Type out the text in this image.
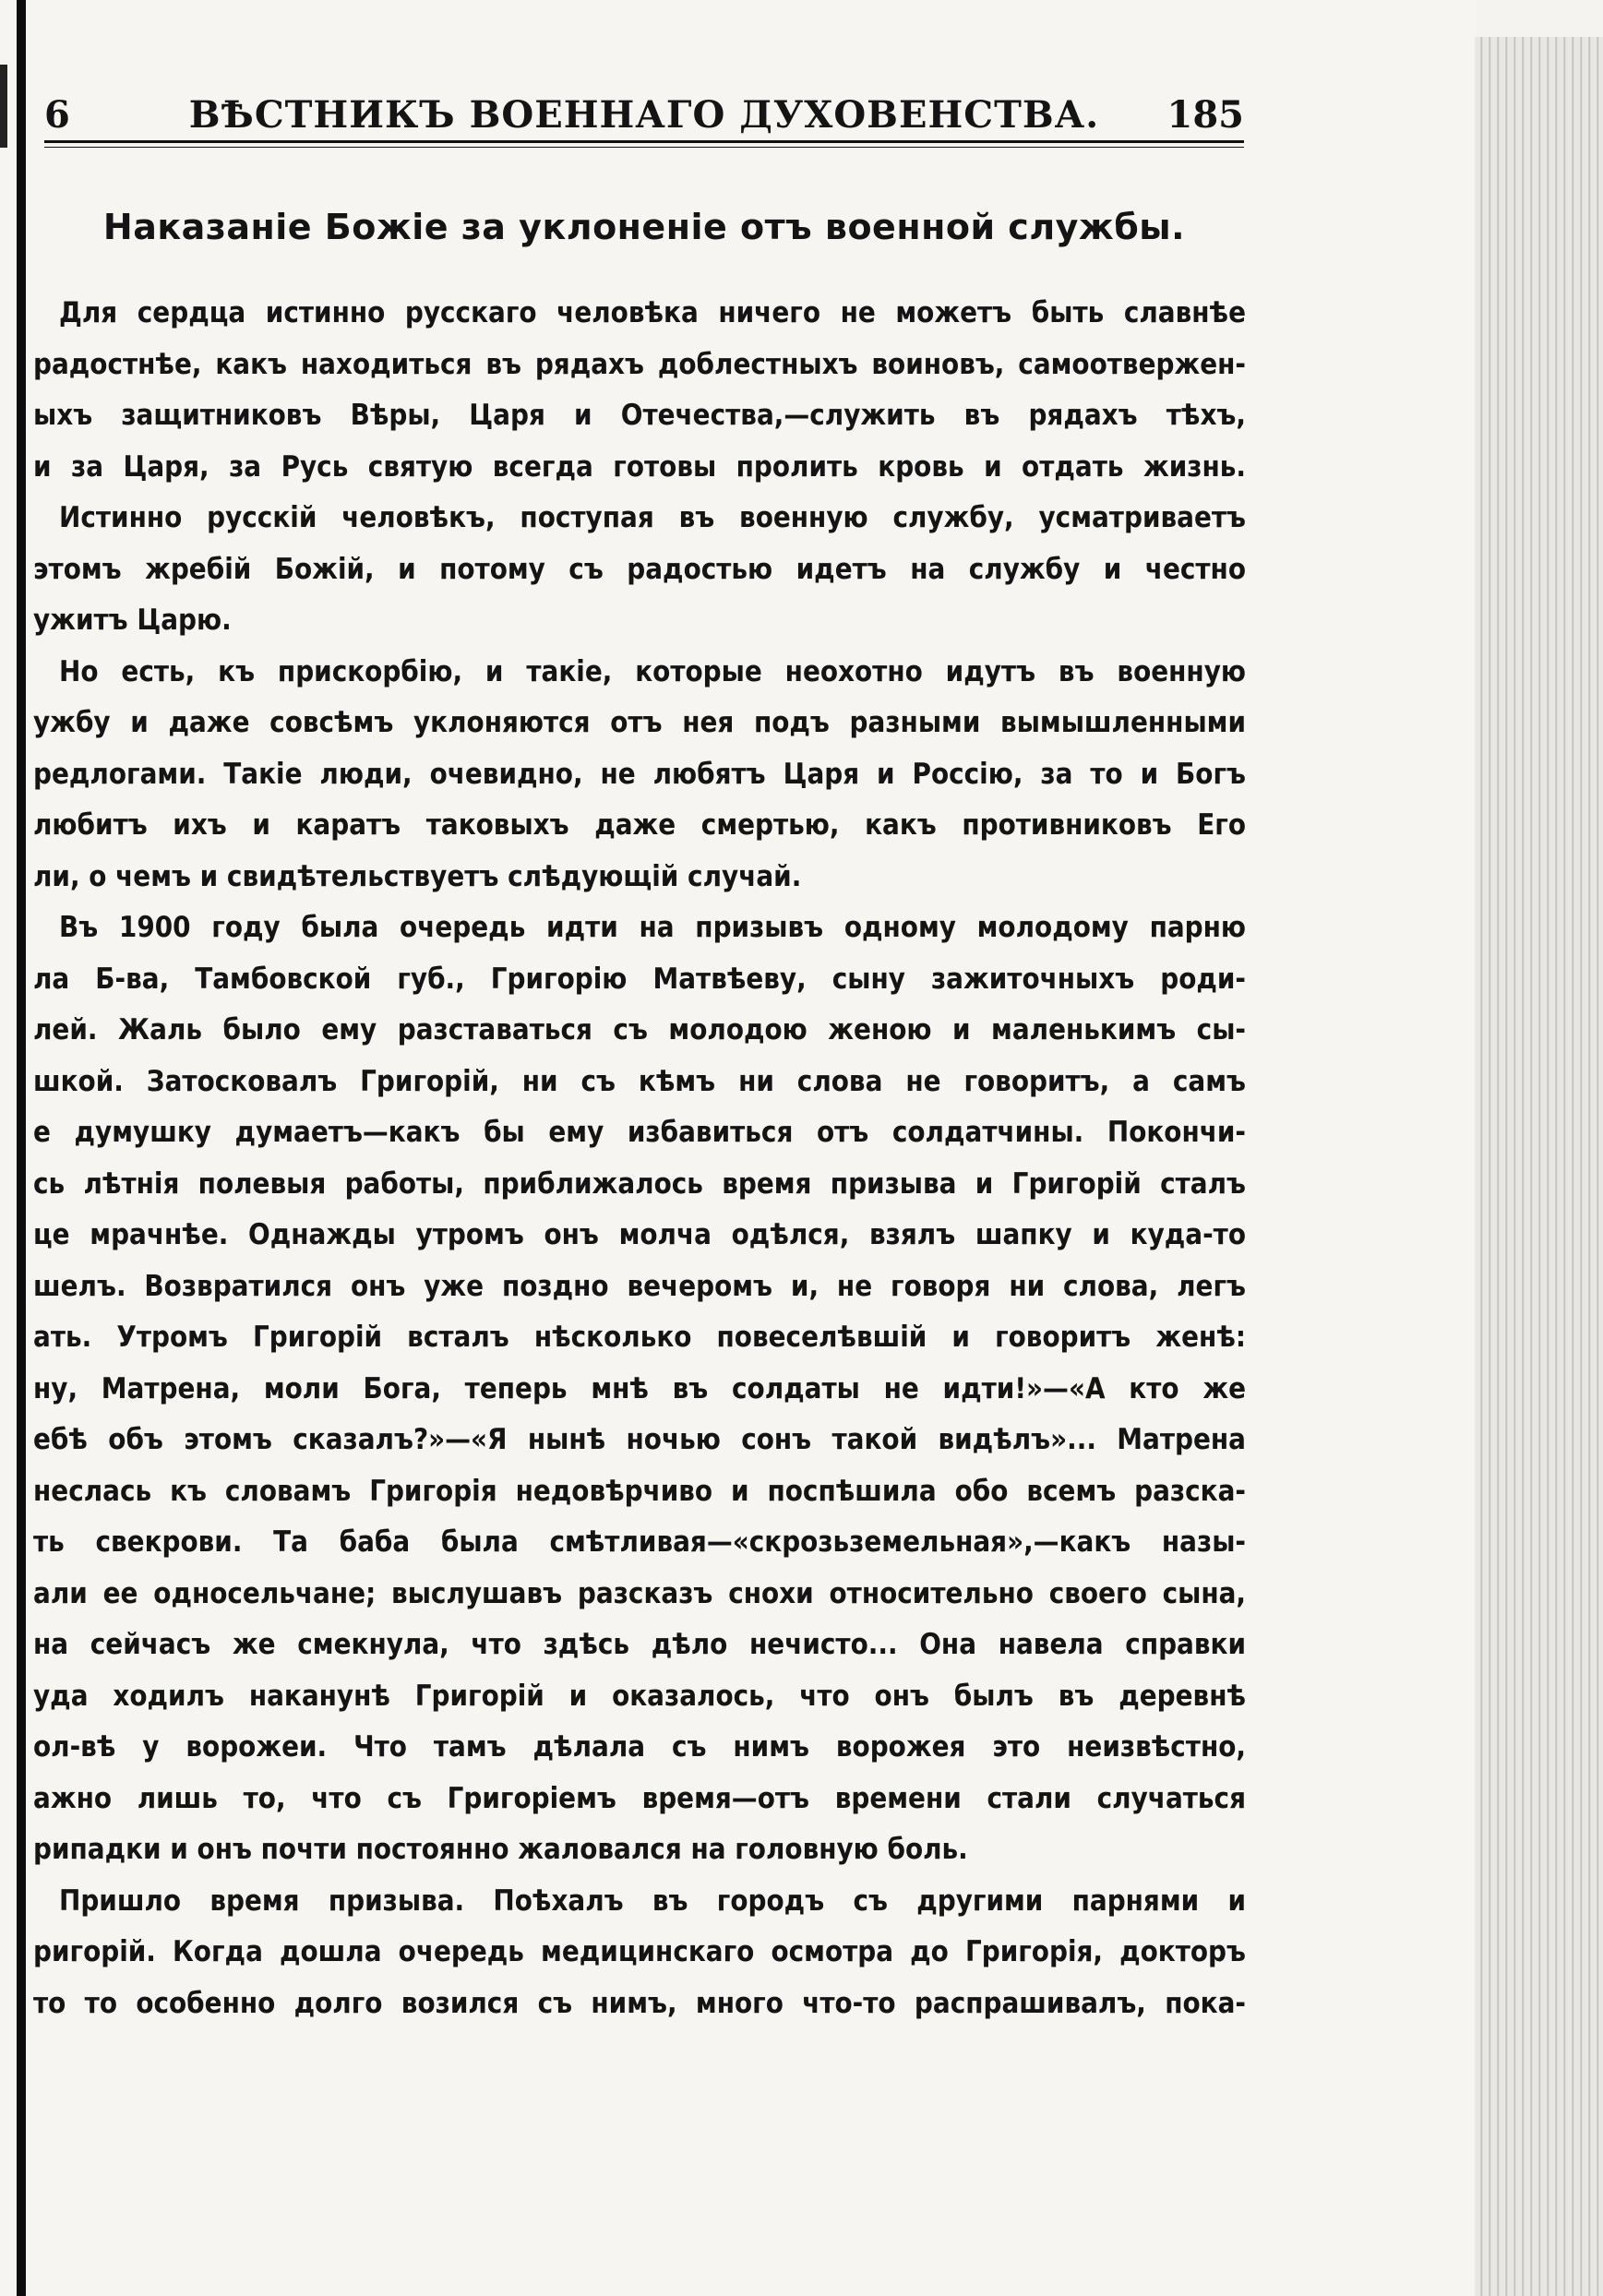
6	ВѢСТНИКЪ ВОЕННАГО ДУХОВЕНСТВА.	185
Наказаніе Божіе за уклоненіе отъ военной службы.
Для сердца истинно русскаго человѣка ничего не можетъ быть славнѣе
радостнѣе, какъ находиться въ рядахъ доблестныхъ воиновъ, самоотвержен-
ыхъ защитниковъ Вѣры, Царя и Отечества,—служить въ рядахъ тѣхъ,
и за Царя, за Русь святую всегда готовы пролить кровь и отдать жизнь.
Истинно русскій человѣкъ, поступая въ военную службу, усматриваетъ
этомъ жребій Божій, и потому съ радостью идетъ на службу и честно
ужитъ Царю.
Но есть, къ прискорбію, и такіе, которые неохотно идутъ въ военную
ужбу и даже совсѣмъ уклоняются отъ нея подъ разными вымышленными
редлогами. Такіе люди, очевидно, не любятъ Царя и Россію, за то и Богъ
любитъ ихъ и каратъ таковыхъ даже смертью, какъ противниковъ Его
ли, о чемъ и свидѣтельствуетъ слѣдующій случай.
Въ 1900 году была очередь идти на призывъ одному молодому парню
ла Б-ва, Тамбовской губ., Григорію Матвѣеву, сыну зажиточныхъ роди-
лей. Жаль было ему разставаться съ молодою женою и маленькимъ сы-
шкой. Затосковалъ Григорій, ни съ кѣмъ ни слова не говоритъ, а самъ
е думушку думаетъ—какъ бы ему избавиться отъ солдатчины. Покончи-
сь лѣтнія полевыя работы, приближалось время призыва и Григорій сталъ
це мрачнѣе. Однажды утромъ онъ молча одѣлся, взялъ шапку и куда-то
шелъ. Возвратился онъ уже поздно вечеромъ и, не говоря ни слова, легъ
ать. Утромъ Григорій всталъ нѣсколько повеселѣвшій и говоритъ женѣ:
ну, Матрена, моли Бога, теперь мнѣ въ солдаты не идти!»—«А кто же
ебѣ объ этомъ сказалъ?»—«Я нынѣ ночью сонъ такой видѣлъ»... Матрена
неслась къ словамъ Григорія недовѣрчиво и поспѣшила обо всемъ разска-
ть свекрови. Та баба была смѣтливая—«скрозьземельная»,—какъ назы-
али ее односельчане; выслушавъ разсказъ снохи относительно своего сына,
на сейчасъ же смекнула, что здѣсь дѣло нечисто... Она навела справки
уда ходилъ наканунѣ Григорій и оказалось, что онъ былъ въ деревнѣ
ол-вѣ у ворожеи. Что тамъ дѣлала съ нимъ ворожея это неизвѣстно,
ажно лишь то, что съ Григоріемъ время—отъ времени стали случаться
рипадки и онъ почти постоянно жаловался на головную боль.
Пришло время призыва. Поѣхалъ въ городъ съ другими парнями и
ригорій. Когда дошла очередь медицинскаго осмотра до Григорія, докторъ
то то особенно долго возился съ нимъ, много что-то распрашивалъ, пока-
